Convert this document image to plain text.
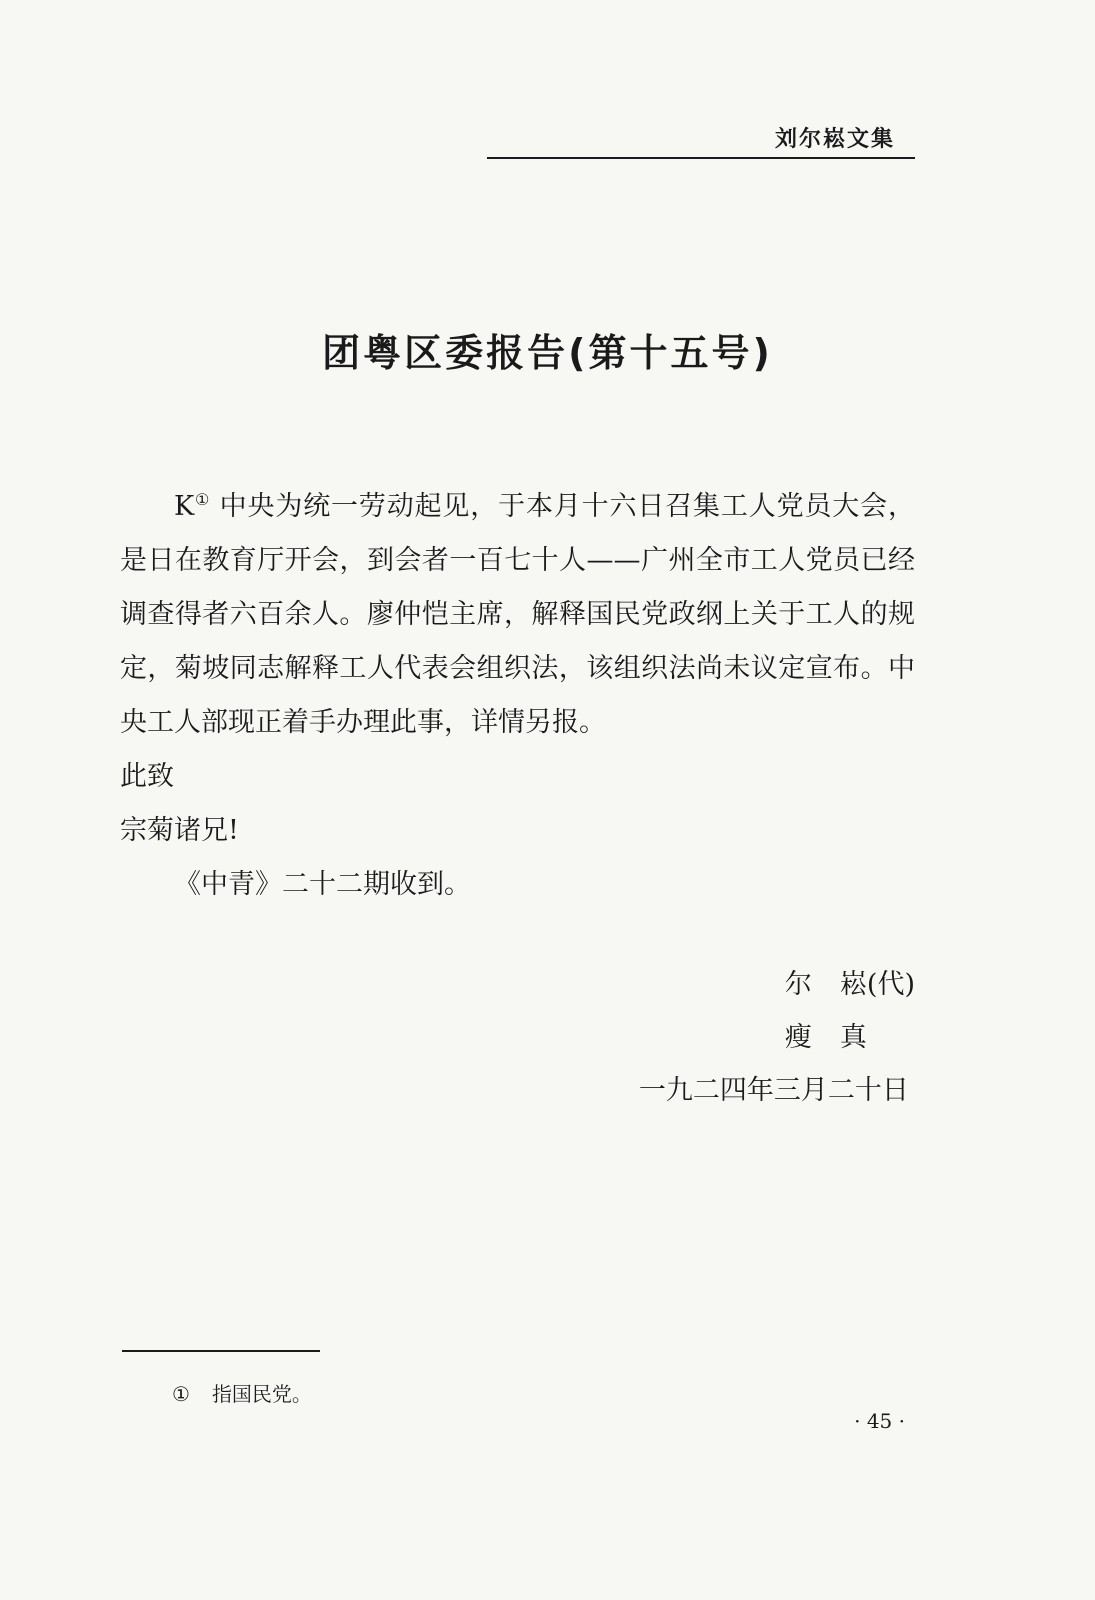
刘尔崧文集
团粤区委报告(第十五号)

K① 中央为统一劳动起见，于本月十六日召集工人党员大会，是日在教育厅开会，到会者一百七十人——广州全市工人党员已经调查得者六百余人。廖仲恺主席，解释国民党政纲上关于工人的规定，菊坡同志解释工人代表会组织法，该组织法尚未议定宣布。中央工人部现正着手办理此事，详情另报。

此致

宗菊诸兄!

《中青》二十二期收到。

尔崧(代)
瘦真
一九二四年三月二十日
① 指国民党。
· 45 ·
